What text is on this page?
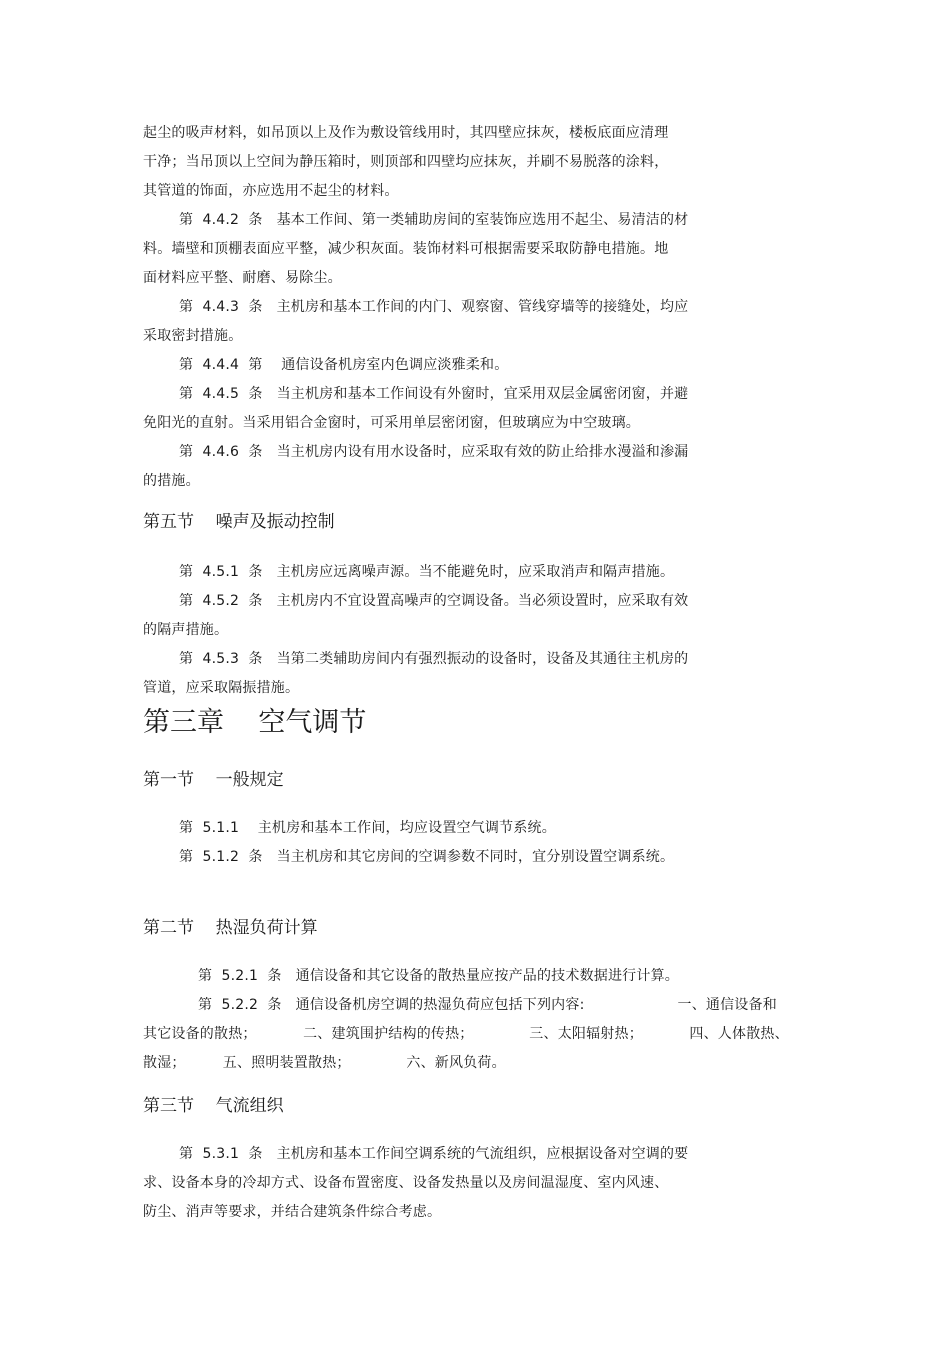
起尘的吸声材料，如吊顶以上及作为敷设管线用时，其四壁应抹灰，楼板底面应清理
干净；当吊顶以上空间为静压箱时，则顶部和四壁均应抹灰，并刷不易脱落的涂料，
其管道的饰面，亦应选用不起尘的材料。
第  4.4.2  条   基本工作间、第一类辅助房间的室装饰应选用不起尘、易清洁的材
料。墙壁和顶棚表面应平整，减少积灰面。装饰材料可根据需要采取防静电措施。地
面材料应平整、耐磨、易除尘。
第  4.4.3  条   主机房和基本工作间的内门、观察窗、管线穿墙等的接缝处，均应
采取密封措施。
第  4.4.4  第    通信设备机房室内色调应淡雅柔和。
第  4.4.5  条   当主机房和基本工作间设有外窗时，宜采用双层金属密闭窗，并避
免阳光的直射。当采用铝合金窗时，可采用单层密闭窗，但玻璃应为中空玻璃。
第  4.4.6  条   当主机房内设有用水设备时，应采取有效的防止给排水漫溢和渗漏
的措施。
第五节    噪声及振动控制
第  4.5.1  条   主机房应远离噪声源。当不能避免时，应采取消声和隔声措施。
第  4.5.2  条   主机房内不宜设置高噪声的空调设备。当必须设置时，应采取有效
的隔声措施。
第  4.5.3  条   当第二类辅助房间内有强烈振动的设备时，设备及其通往主机房的
管道，应采取隔振措施。
第三章    空气调节
第一节    一般规定
第  5.1.1    主机房和基本工作间，均应设置空气调节系统。
第  5.1.2  条   当主机房和其它房间的空调参数不同时，宜分别设置空调系统。
第二节    热湿负荷计算
第  5.2.1  条   通信设备和其它设备的散热量应按产品的技术数据进行计算。
第  5.2.2  条   通信设备机房空调的热湿负荷应包括下列内容:                    一、通信设备和
其它设备的散热；          二、建筑围护结构的传热；            三、太阳辐射热；          四、人体散热、
散湿；        五、照明装置散热；            六、新风负荷。
第三节    气流组织
第  5.3.1  条   主机房和基本工作间空调系统的气流组织，应根据设备对空调的要
求、设备本身的冷却方式、设备布置密度、设备发热量以及房间温湿度、室内风速、
防尘、消声等要求，并结合建筑条件综合考虑。
